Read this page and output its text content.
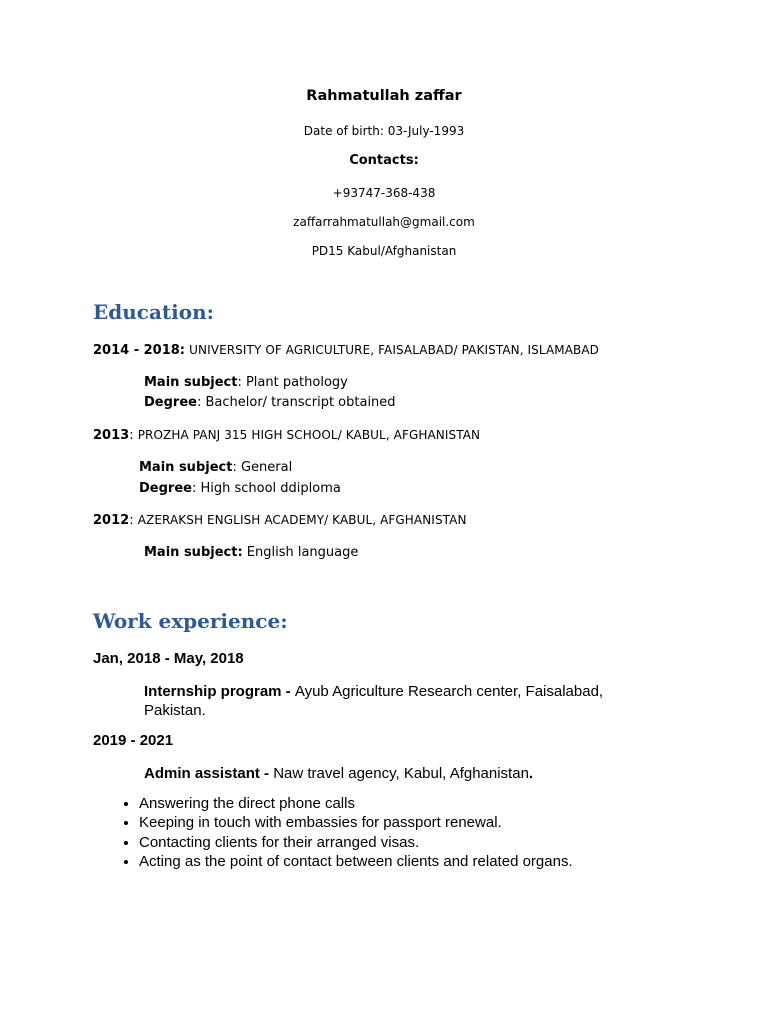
Rahmatullah zaffar
Date of birth: 03-July-1993
Contacts:
+93747-368-438
zaffarrahmatullah@gmail.com
PD15 Kabul/Afghanistan
Education:
2014 - 2018: UNIVERSITY OF AGRICULTURE, FAISALABAD/ PAKISTAN, ISLAMABAD
Main subject: Plant pathology
Degree: Bachelor/ transcript obtained
2013: PROZHA PANJ 315 HIGH SCHOOL/ KABUL, AFGHANISTAN
Main subject: General
Degree: High school ddiploma
2012: AZERAKSH ENGLISH ACADEMY/ KABUL, AFGHANISTAN
Main subject: English language
Work experience:
Jan, 2018 - May, 2018
Internship program - Ayub Agriculture Research center, Faisalabad, Pakistan.
2019 - 2021
Admin assistant - Naw travel agency, Kabul, Afghanistan.
• Answering the direct phone calls
• Keeping in touch with embassies for passport renewal.
• Contacting clients for their arranged visas.
• Acting as the point of contact between clients and related organs.
